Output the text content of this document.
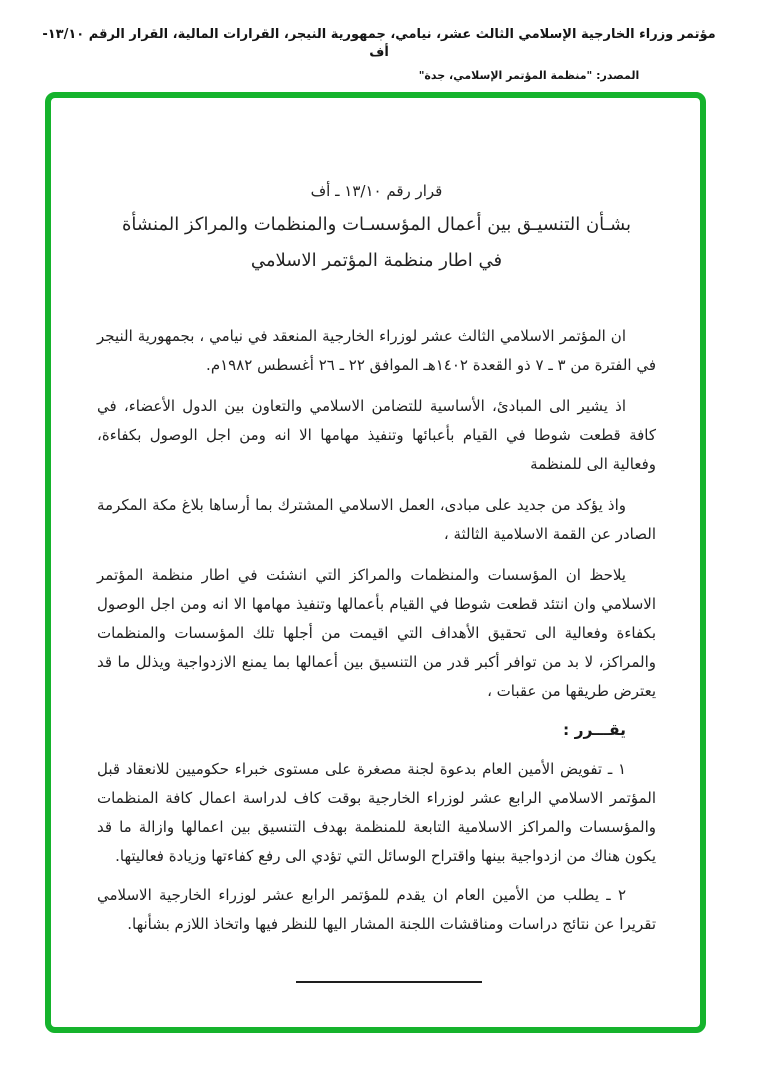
مؤتمر وزراء الخارجية الإسلامي الثالث عشر، نيامي، جمهورية النيجر، القرارات المالية، القرار الرقم ١٣/١٠- أف
المصدر: "منظمة المؤتمر الإسلامي، جدة"
قرار رقم ١٣/١٠ ـ أف
بشـأن التنسيـق بين أعمال المؤسسـات والمنظمات والمراكز المنشأة
في اطار منظمة المؤتمر الاسلامي

ان المؤتمر الاسلامي الثالث عشر لوزراء الخارجية المنعقد في نيامي ، بجمهورية النيجر في الفترة من ٣ ـ ٧ ذو القعدة ١٤٠٢هـ الموافق ٢٢ ـ ٢٦ أغسطس ١٩٨٢م.

اذ يشير الى المبادئ، الأساسية للتضامن الاسلامي والتعاون بين الدول الأعضاء، في كافة قطعت شوطا في القيام بأعبائها وتنفيذ مهامها الا انه ومن اجل الوصول بكفاءة، وفعالية الى للمنظمة

واذ يؤكد من جديد على مبادى، العمل الاسلامي المشترك بما أرساها بلاغ مكة المكرمة الصادر عن القمة الاسلامية الثالثة ،

يلاحظ ان المؤسسات والمنظمات والمراكز التي انشئت في اطار منظمة المؤتمر الاسلامي وان انتئد قطعت شوطا في القيام بأعمالها وتنفيذ مهامها الا انه ومن اجل الوصول بكفاءة وفعالية الى تحقيق الأهداف التي اقيمت من أجلها تلك المؤسسات والمنظمات والمراكز، لا بد من توافر أكبر قدر من التنسيق بين أعمالها بما يمنع الازدواجية ويذلل ما قد يعترض طريقها من عقبات ،

يقـــرر :

١ ـ تفويض الأمين العام بدعوة لجنة مصغرة على مستوى خبراء حكوميين للانعقاد قبل المؤتمر الاسلامي الرابع عشر لوزراء الخارجية بوقت كاف لدراسة اعمال كافة المنظمات والمؤسسات والمراكز الاسلامية التابعة للمنظمة بهدف التنسيق بين اعمالها وازالة ما قد يكون هناك من ازدواجية بينها واقتراح الوسائل التي تؤدي الى رفع كفاءتها وزيادة فعاليتها.

٢ ـ يطلب من الأمين العام ان يقدم للمؤتمر الرابع عشر لوزراء الخارجية الاسلامي تقريرا عن نتائج دراسات ومناقشات اللجنة المشار اليها للنظر فيها واتخاذ اللازم بشأنها.
